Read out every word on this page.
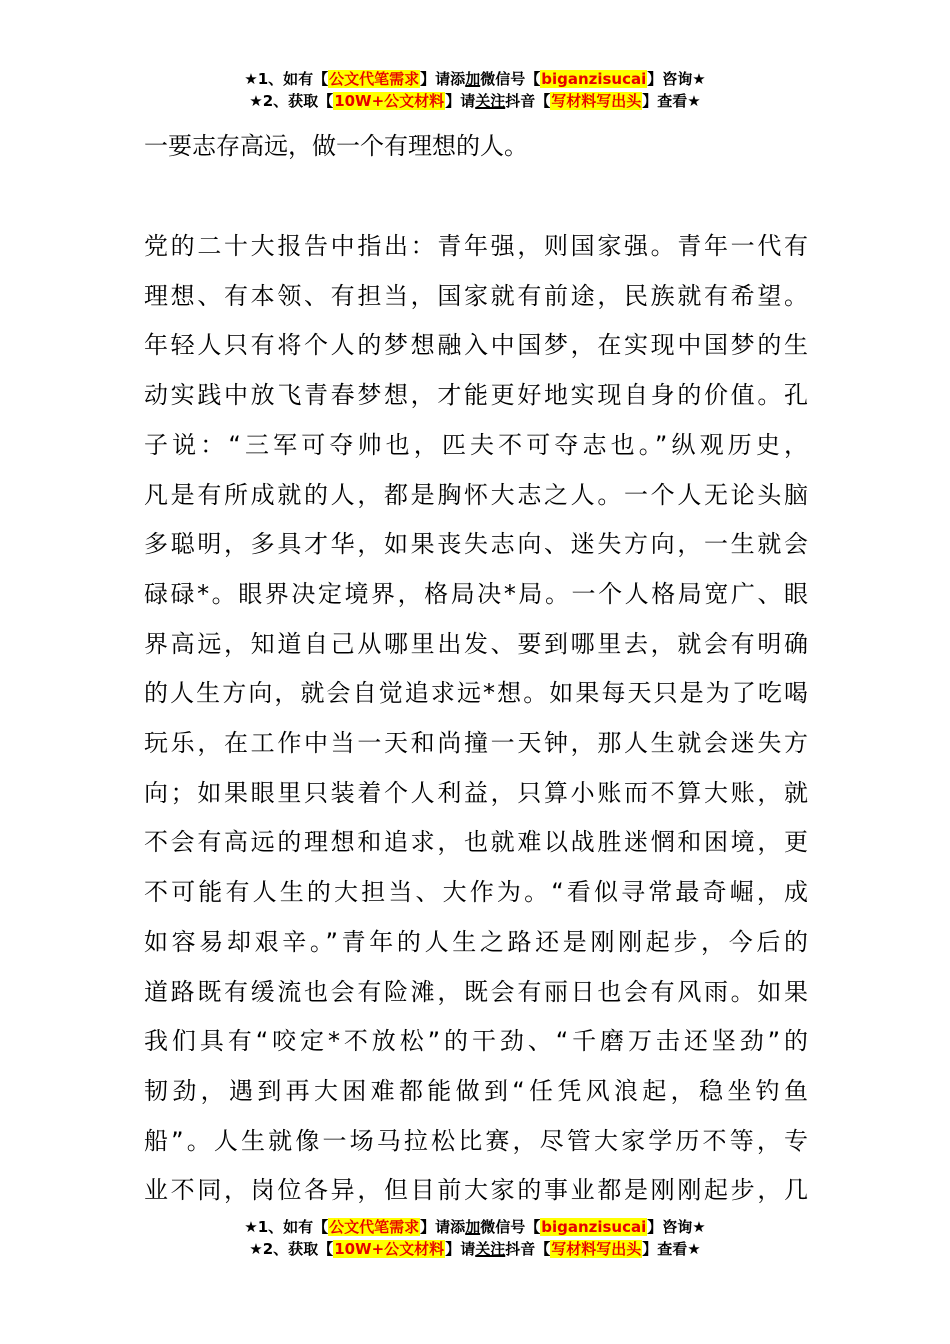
★1、如有【公文代笔需求】请添加微信号【biganzisucai】咨询★
★2、获取【10W+公文材料】请关注抖音【写材料写出头】查看★
一要志存高远，做一个有理想的人。
党的二十大报告中指出：青年强，则国家强。青年一代有
理想、有本领、有担当，国家就有前途，民族就有希望。
年轻人只有将个人的梦想融入中国梦，在实现中国梦的生
动实践中放飞青春梦想，才能更好地实现自身的价值。孔
子说：“三军可夺帅也，匹夫不可夺志也。”纵观历史，
凡是有所成就的人，都是胸怀大志之人。一个人无论头脑
多聪明，多具才华，如果丧失志向、迷失方向，一生就会
碌碌*。眼界决定境界，格局决*局。一个人格局宽广、眼
界高远，知道自己从哪里出发、要到哪里去，就会有明确
的人生方向，就会自觉追求远*想。如果每天只是为了吃喝
玩乐，在工作中当一天和尚撞一天钟，那人生就会迷失方
向；如果眼里只装着个人利益，只算小账而不算大账，就
不会有高远的理想和追求，也就难以战胜迷惘和困境，更
不可能有人生的大担当、大作为。“看似寻常最奇崛，成
如容易却艰辛。”青年的人生之路还是刚刚起步，今后的
道路既有缓流也会有险滩，既会有丽日也会有风雨。如果
我们具有“咬定*不放松”的干劲、“千磨万击还坚劲”的
韧劲，遇到再大困难都能做到“任凭风浪起，稳坐钓鱼
船”。人生就像一场马拉松比赛，尽管大家学历不等，专
业不同，岗位各异，但目前大家的事业都是刚刚起步，几
★1、如有【公文代笔需求】请添加微信号【biganzisucai】咨询★
★2、获取【10W+公文材料】请关注抖音【写材料写出头】查看★
